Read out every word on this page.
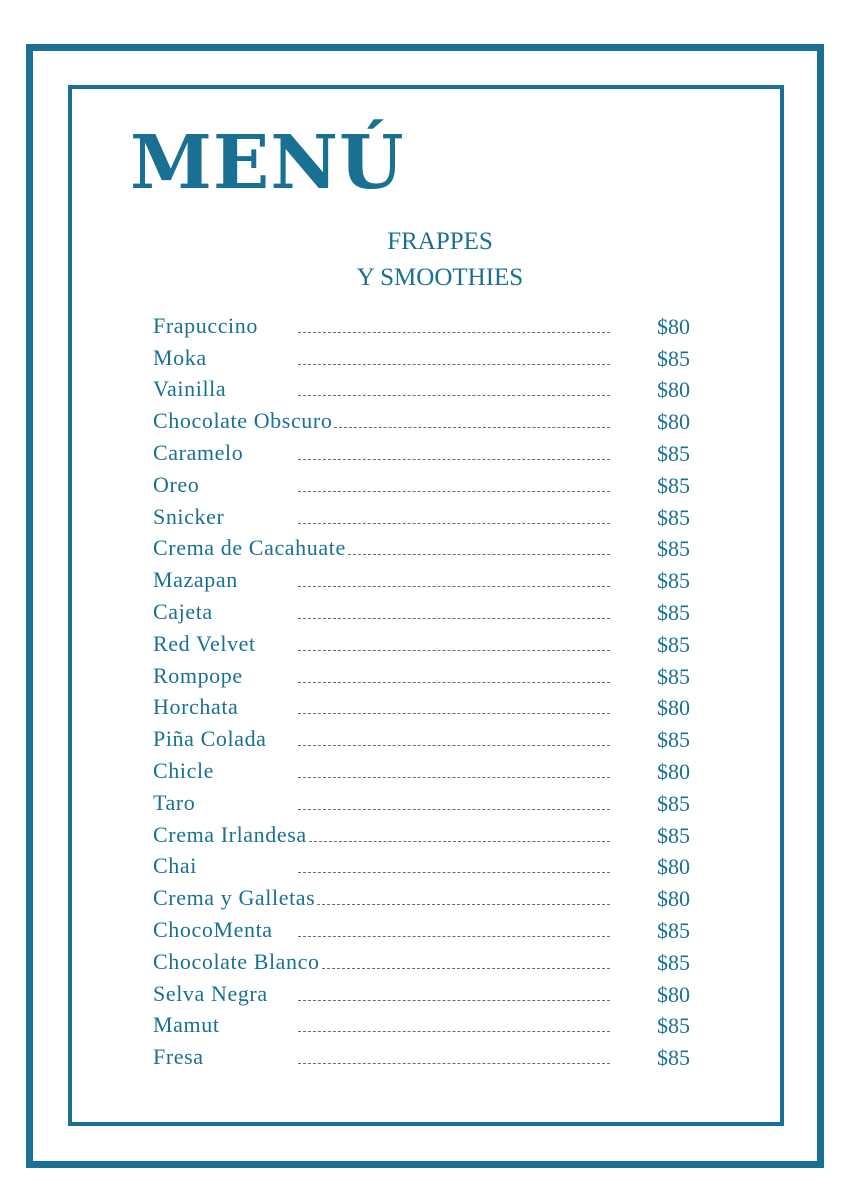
MENÚ
FRAPPES
Y SMOOTHIES
Frapuccino	$80
Moka	$85
Vainilla	$80
Chocolate Obscuro	$80
Caramelo	$85
Oreo	$85
Snicker	$85
Crema de Cacahuate	$85
Mazapan	$85
Cajeta	$85
Red Velvet	$85
Rompope	$85
Horchata	$80
Piña Colada	$85
Chicle	$80
Taro	$85
Crema Irlandesa	$85
Chai	$80
Crema y Galletas	$80
ChocoMenta	$85
Chocolate Blanco	$85
Selva Negra	$80
Mamut	$85
Fresa	$85
